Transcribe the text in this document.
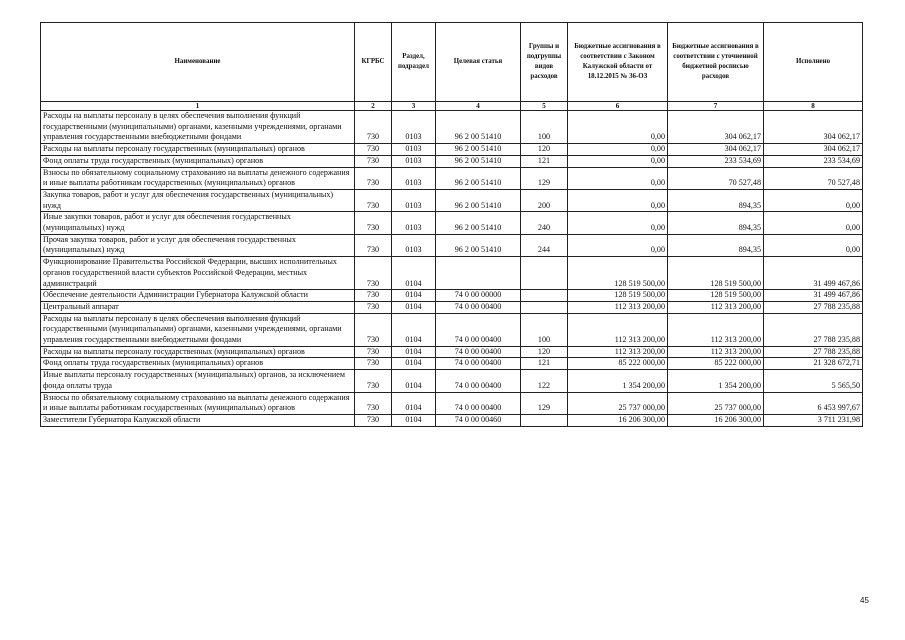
Наименование	КГРБС	Раздел, подраздел	Целевая статья	Группы и подгруппы видов расходов	Бюджетные ассигнования в соответствии с Законом Калужской области от 18.12.2015 № 36-ОЗ	Бюджетные ассигнования в соответствии с уточненной бюджетной росписью расходов	Исполнено
1	2	3	4	5	6	7	8
Расходы на выплаты персоналу в целях обеспечения выполнения функций государственными (муниципальными) органами, казенными учреждениями, органами управления государственными внебюджетными фондами	730	0103	96 2 00 51410	100	0,00	304 062,17	304 062,17
Расходы на выплаты персоналу государственных (муниципальных) органов	730	0103	96 2 00 51410	120	0,00	304 062,17	304 062,17
Фонд оплаты труда государственных (муниципальных) органов	730	0103	96 2 00 51410	121	0,00	233 534,69	233 534,69
Взносы по обязательному социальному страхованию на выплаты денежного содержания и иные выплаты работникам государственных (муниципальных) органов	730	0103	96 2 00 51410	129	0,00	70 527,48	70 527,48
Закупка товаров, работ и услуг для обеспечения государственных (муниципальных) нужд	730	0103	96 2 00 51410	200	0,00	894,35	0,00
Иные закупки товаров, работ и услуг для обеспечения государственных (муниципальных) нужд	730	0103	96 2 00 51410	240	0,00	894,35	0,00
Прочая закупка товаров, работ и услуг для обеспечения государственных (муниципальных) нужд	730	0103	96 2 00 51410	244	0,00	894,35	0,00
Функционирование Правительства Российской Федерации, высших исполнительных органов государственной власти субъектов Российской Федерации, местных администраций	730	0104			128 519 500,00	128 519 500,00	31 499 467,86
Обеспечение деятельности Администрации Губернатора Калужской области	730	0104	74 0 00 00000		128 519 500,00	128 519 500,00	31 499 467,86
Центральный аппарат	730	0104	74 0 00 00400		112 313 200,00	112 313 200,00	27 788 235,88
Расходы на выплаты персоналу в целях обеспечения выполнения функций государственными (муниципальными) органами, казенными учреждениями, органами управления государственными внебюджетными фондами	730	0104	74 0 00 00400	100	112 313 200,00	112 313 200,00	27 788 235,88
Расходы на выплаты персоналу государственных (муниципальных) органов	730	0104	74 0 00 00400	120	112 313 200,00	112 313 200,00	27 788 235,88
Фонд оплаты труда государственных (муниципальных) органов	730	0104	74 0 00 00400	121	85 222 000,00	85 222 000,00	21 328 672,71
Иные выплаты персоналу государственных (муниципальных) органов, за исключением фонда оплаты труда	730	0104	74 0 00 00400	122	1 354 200,00	1 354 200,00	5 565,50
Взносы по обязательному социальному страхованию на выплаты денежного содержания и иные выплаты работникам государственных (муниципальных) органов	730	0104	74 0 00 00400	129	25 737 000,00	25 737 000,00	6 453 997,67
Заместители Губернатора Калужской области	730	0104	74 0 00 00460		16 206 300,00	16 206 300,00	3 711 231,98
45
